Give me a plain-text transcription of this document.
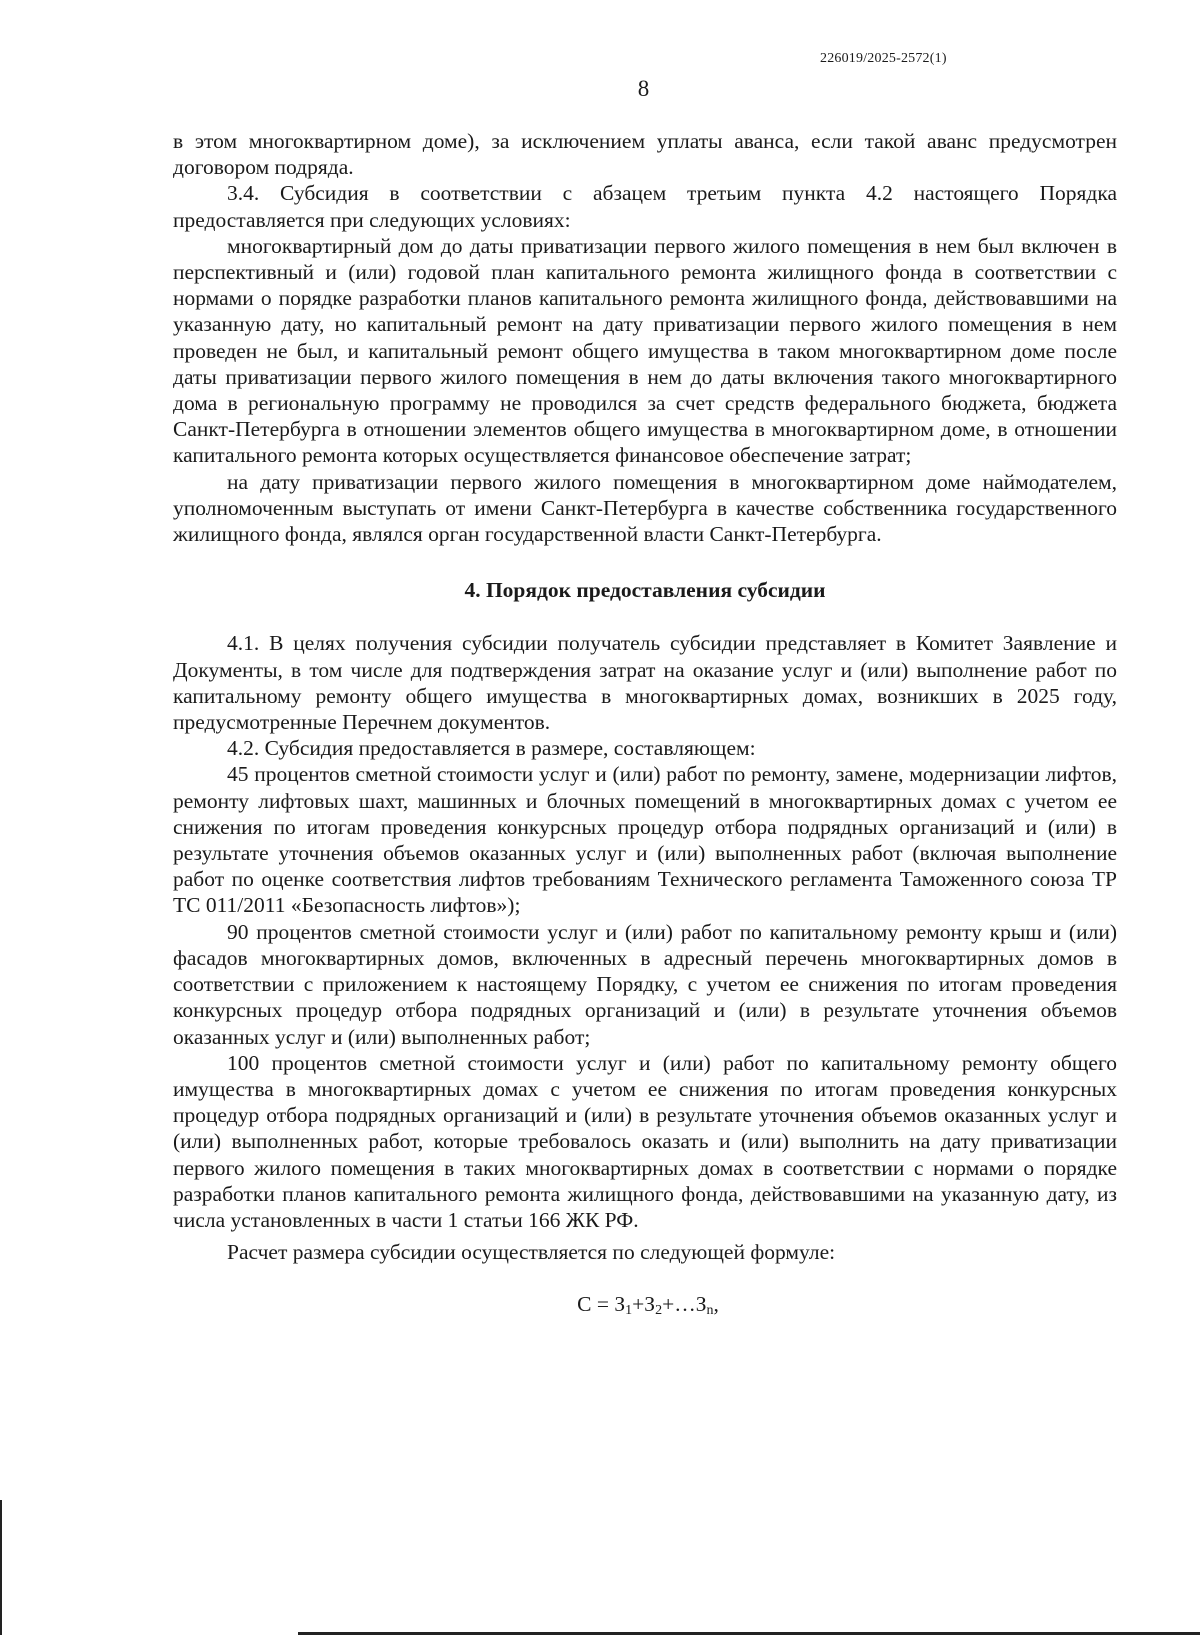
226019/2025-2572(1)
8

в этом многоквартирном доме), за исключением уплаты аванса, если такой аванс предусмотрен договором подряда.

3.4. Субсидия в соответствии с абзацем третьим пункта 4.2 настоящего Порядка предоставляется при следующих условиях:

многоквартирный дом до даты приватизации первого жилого помещения в нем был включен в перспективный и (или) годовой план капитального ремонта жилищного фонда в соответствии с нормами о порядке разработки планов капитального ремонта жилищного фонда, действовавшими на указанную дату, но капитальный ремонт на дату приватизации первого жилого помещения в нем проведен не был, и капитальный ремонт общего имущества в таком многоквартирном доме после даты приватизации первого жилого помещения в нем до даты включения такого многоквартирного дома в региональную программу не проводился за счет средств федерального бюджета, бюджета Санкт-Петербурга в отношении элементов общего имущества в многоквартирном доме, в отношении капитального ремонта которых осуществляется финансовое обеспечение затрат;

на дату приватизации первого жилого помещения в многоквартирном доме наймодателем, уполномоченным выступать от имени Санкт-Петербурга в качестве собственника государственного жилищного фонда, являлся орган государственной власти Санкт-Петербурга.

4. Порядок предоставления субсидии

4.1. В целях получения субсидии получатель субсидии представляет в Комитет Заявление и Документы, в том числе для подтверждения затрат на оказание услуг и (или) выполнение работ по капитальному ремонту общего имущества в многоквартирных домах, возникших в 2025 году, предусмотренные Перечнем документов.

4.2. Субсидия предоставляется в размере, составляющем:

45 процентов сметной стоимости услуг и (или) работ по ремонту, замене, модернизации лифтов, ремонту лифтовых шахт, машинных и блочных помещений в многоквартирных домах с учетом ее снижения по итогам проведения конкурсных процедур отбора подрядных организаций и (или) в результате уточнения объемов оказанных услуг и (или) выполненных работ (включая выполнение работ по оценке соответствия лифтов требованиям Технического регламента Таможенного союза ТР ТС 011/2011 «Безопасность лифтов»);

90 процентов сметной стоимости услуг и (или) работ по капитальному ремонту крыш и (или) фасадов многоквартирных домов, включенных в адресный перечень многоквартирных домов в соответствии с приложением к настоящему Порядку, с учетом ее снижения по итогам проведения конкурсных процедур отбора подрядных организаций и (или) в результате уточнения объемов оказанных услуг и (или) выполненных работ;

100 процентов сметной стоимости услуг и (или) работ по капитальному ремонту общего имущества в многоквартирных домах с учетом ее снижения по итогам проведения конкурсных процедур отбора подрядных организаций и (или) в результате уточнения объемов оказанных услуг и (или) выполненных работ, которые требовалось оказать и (или) выполнить на дату приватизации первого жилого помещения в таких многоквартирных домах в соответствии с нормами о порядке разработки планов капитального ремонта жилищного фонда, действовавшими на указанную дату, из числа установленных в части 1 статьи 166 ЖК РФ.

Расчет размера субсидии осуществляется по следующей формуле:

$С = З_1+З_2+\dots З_n$,
